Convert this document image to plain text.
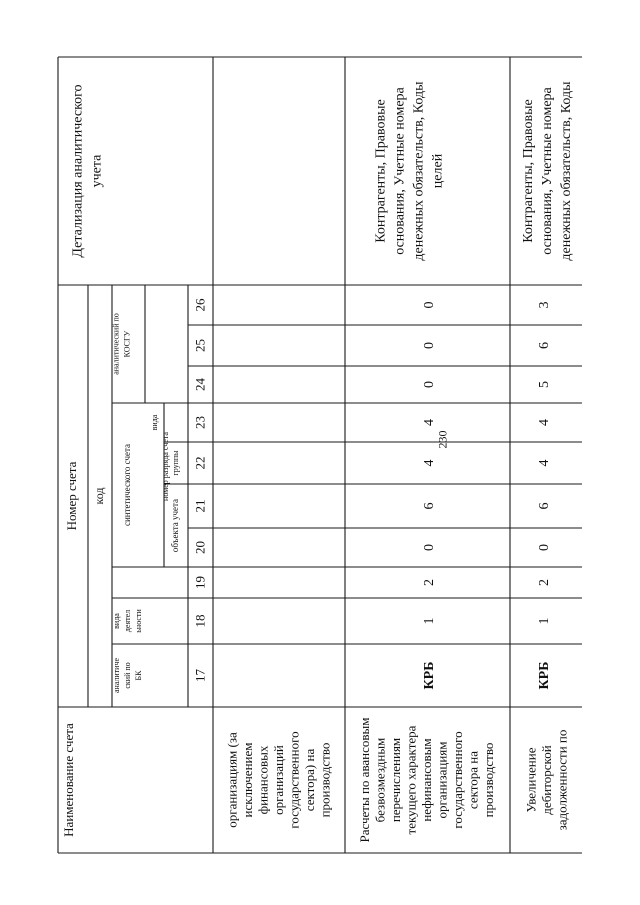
230
Наименование счета
Номер счета код
аналитиче ский по БК
вида деятел ьности
синтетического счета	объекта учета
группы
вида
аналитический по КОСГУ
номер разряда счета
Детализация аналитического учета
17
18
19
20
21
22
23
24
25
26
организациям (за исключением финансовых организаций государственного сектора) на производство Расчеты по авансовым безвозмездным перечислениям текущего характера нефинансовым организациям государственного сектора на производство
КРБ
1
2
0
6
4
4
0
0
0
Контрагенты, Правовые основания, Учетные номера денежных обязательств, Коды целей
Увеличение дебиторской задолженности по
КРБ
1
2
0
6
4
4
5
6
3
Контрагенты, Правовые основания, Учетные номера денежных обязательств, Коды
